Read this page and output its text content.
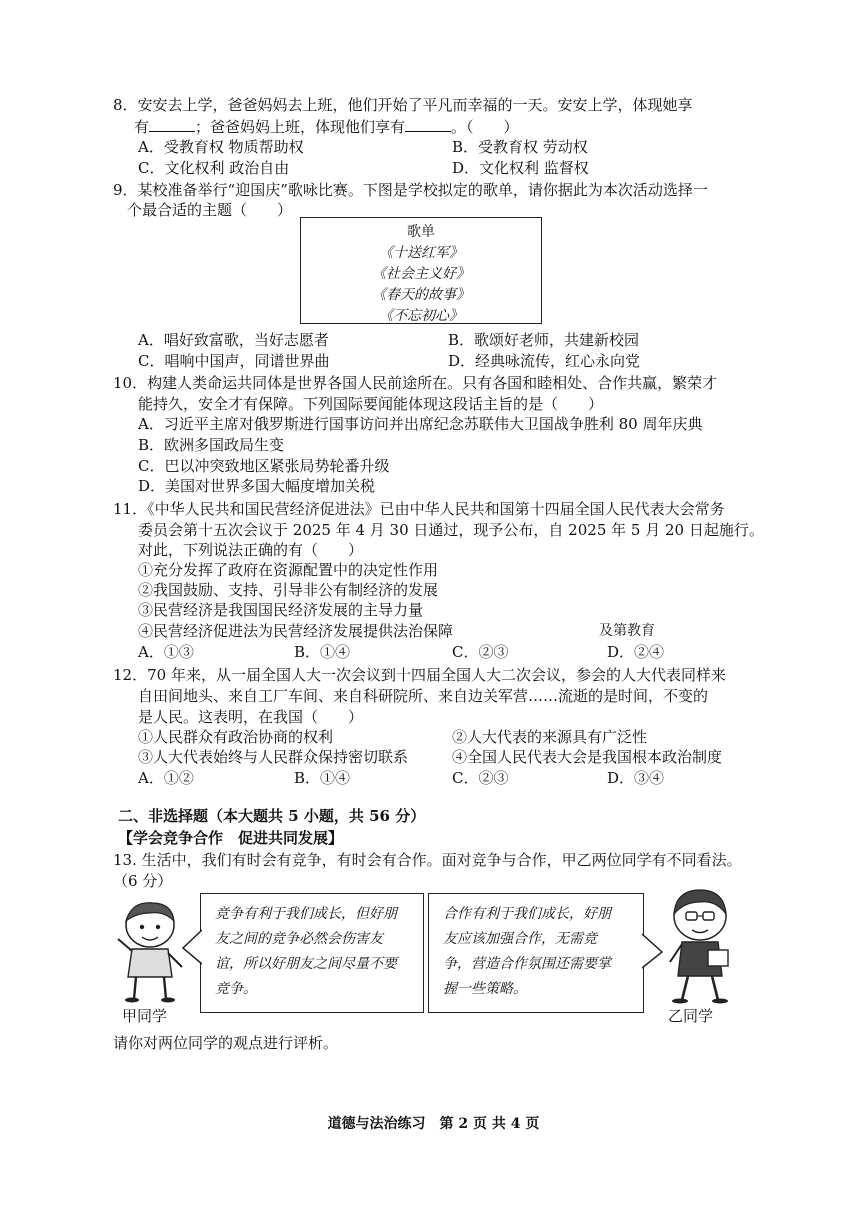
8．安安去上学，爸爸妈妈去上班，他们开始了平凡而幸福的一天。安安上学，体现她享
有	；爸爸妈妈上班，体现他们享有	。（　　）
A．受教育权 物质帮助权	B．受教育权 劳动权
C．文化权利 政治自由	D．文化权利 监督权
9．某校准备举行“迎国庆”歌咏比赛。下图是学校拟定的歌单，请你据此为本次活动选择一
个最合适的主题（　　）
歌单
《十送红军》
《社会主义好》
《春天的故事》
《不忘初心》
A．唱好致富歌，当好志愿者	B．歌颂好老师，共建新校园
C．唱响中国声，同谱世界曲	D．经典咏流传，红心永向党
10．构建人类命运共同体是世界各国人民前途所在。只有各国和睦相处、合作共赢，繁荣才
能持久，安全才有保障。下列国际要闻能体现这段话主旨的是（　　）
A．习近平主席对俄罗斯进行国事访问并出席纪念苏联伟大卫国战争胜利 80 周年庆典
B．欧洲多国政局生变
C．巴以冲突致地区紧张局势轮番升级
D．美国对世界多国大幅度增加关税
11．《中华人民共和国民营经济促进法》已由中华人民共和国第十四届全国人民代表大会常务
委员会第十五次会议于 2025 年 4 月 30 日通过，现予公布，自 2025 年 5 月 20 日起施行。
对此，下列说法正确的有（　　）
①充分发挥了政府在资源配置中的决定性作用
②我国鼓励、支持、引导非公有制经济的发展
③民营经济是我国国民经济发展的主导力量
④民营经济促进法为民营经济发展提供法治保障	及第教育
A．①③	B．①④	C．②③	D．②④
12．70 年来，从一届全国人大一次会议到十四届全国人大二次会议，参会的人大代表同样来
自田间地头、来自工厂车间、来自科研院所、来自边关军营……流逝的是时间，不变的
是人民。这表明，在我国（　　）
①人民群众有政治协商的权利	②人大代表的来源具有广泛性
③人大代表始终与人民群众保持密切联系	④全国人民代表大会是我国根本政治制度
A．①②	B．①④	C．②③	D．③④
二、非选择题（本大题共 5 小题，共 56 分）
【学会竞争合作　促进共同发展】
13. 生活中，我们有时会有竞争，有时会有合作。面对竞争与合作，甲乙两位同学有不同看法。
（6 分）
甲同学
竞争有利于我们成长，但好朋
友之间的竞争必然会伤害友
谊，所以好朋友之间尽量不要
竞争。
合作有利于我们成长，好朋
友应该加强合作，无需竞
争，营造合作氛围还需要掌
握一些策略。
乙同学
请你对两位同学的观点进行评析。
道德与法治练习　第 2 页 共 4 页
